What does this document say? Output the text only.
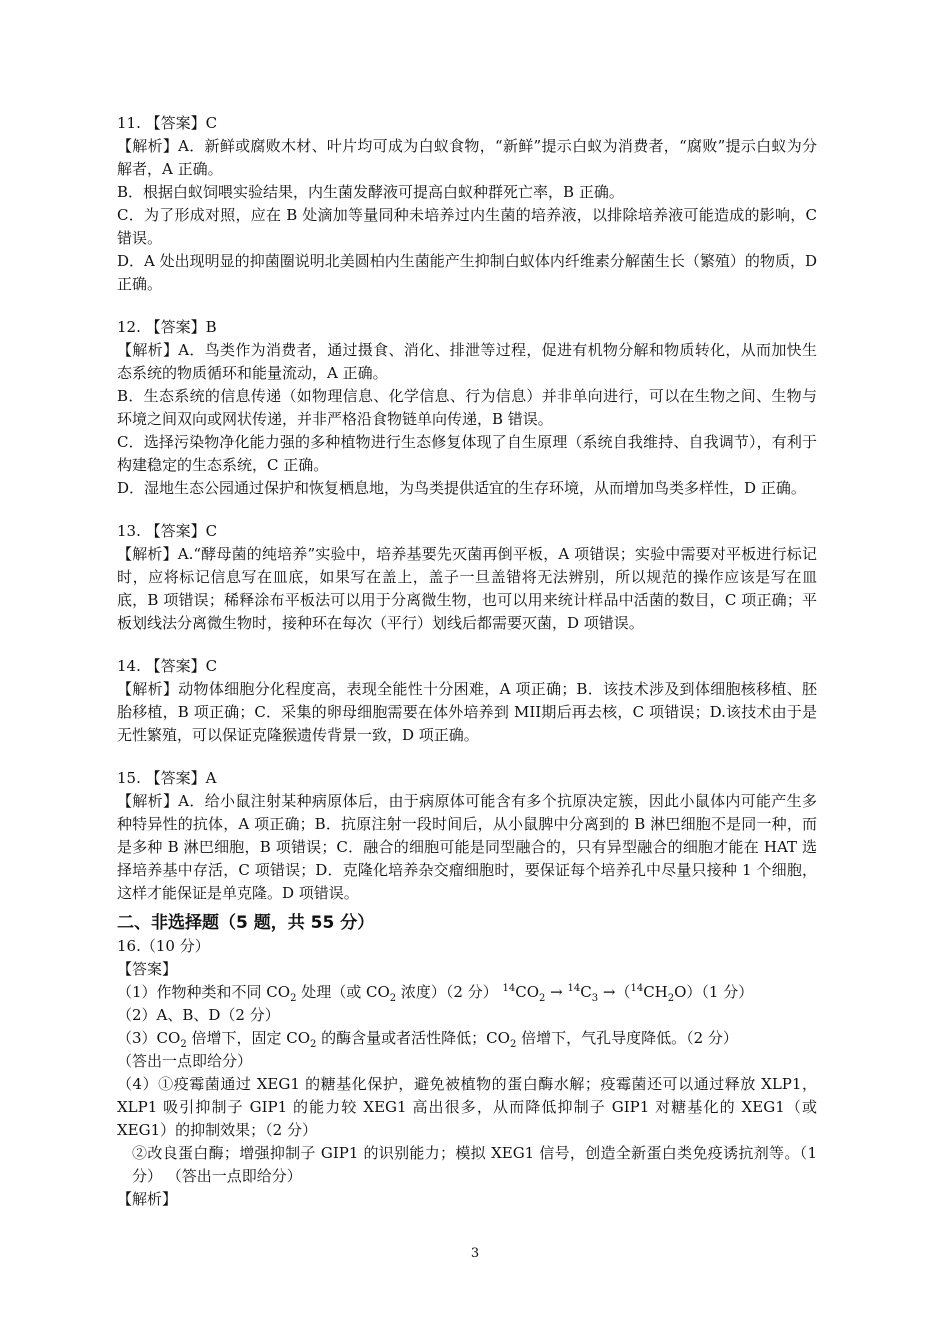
11. 【答案】C

【解析】A．新鲜或腐败木材、叶片均可成为白蚁食物，“新鲜”提示白蚁为消费者，“腐败”提示白蚁为分解者，A 正确。

B．根据白蚁饲喂实验结果，内生菌发酵液可提高白蚁种群死亡率，B 正确。

C．为了形成对照，应在 B 处滴加等量同种未培养过内生菌的培养液，以排除培养液可能造成的影响，C 错误。

D．A 处出现明显的抑菌圈说明北美圆柏内生菌能产生抑制白蚁体内纤维素分解菌生长（繁殖）的物质，D 正确。

12. 【答案】B

【解析】A．鸟类作为消费者，通过摄食、消化、排泄等过程，促进有机物分解和物质转化，从而加快生态系统的物质循环和能量流动，A 正确。

B．生态系统的信息传递（如物理信息、化学信息、行为信息）并非单向进行，可以在生物之间、生物与环境之间双向或网状传递，并非严格沿食物链单向传递，B 错误。

C．选择污染物净化能力强的多种植物进行生态修复体现了自生原理（系统自我维持、自我调节），有利于构建稳定的生态系统，C 正确。

D．湿地生态公园通过保护和恢复栖息地，为鸟类提供适宜的生存环境，从而增加鸟类多样性，D 正确。

13. 【答案】C

【解析】A.“酵母菌的纯培养”实验中，培养基要先灭菌再倒平板，A 项错误；实验中需要对平板进行标记时，应将标记信息写在皿底，如果写在盖上，盖子一旦盖错将无法辨别，所以规范的操作应该是写在皿底，B 项错误；稀释涂布平板法可以用于分离微生物，也可以用来统计样品中活菌的数目，C 项正确；平板划线法分离微生物时，接种环在每次（平行）划线后都需要灭菌，D 项错误。

14. 【答案】C

【解析】动物体细胞分化程度高，表现全能性十分困难，A 项正确；B．该技术涉及到体细胞核移植、胚胎移植，B 项正确；C．采集的卵母细胞需要在体外培养到 MII期后再去核，C 项错误；D.该技术由于是无性繁殖，可以保证克隆猴遗传背景一致，D 项正确。

15. 【答案】A

【解析】A．给小鼠注射某种病原体后，由于病原体可能含有多个抗原决定簇，因此小鼠体内可能产生多种特异性的抗体，A 项正确；B．抗原注射一段时间后，从小鼠脾中分离到的 B 淋巴细胞不是同一种，而是多种 B 淋巴细胞，B 项错误；C．融合的细胞可能是同型融合的，只有异型融合的细胞才能在 HAT 选择培养基中存活，C 项错误；D．克隆化培养杂交瘤细胞时，要保证每个培养孔中尽量只接种 1 个细胞，这样才能保证是单克隆。D 项错误。

二、非选择题（5 题，共 55 分）

16.（10 分）

【答案】

（1）作物种类和不同 $CO_2$ 处理（或 $CO_2$ 浓度）（2 分） $^{14}CO_2 \to ^{14}C_3 \to(^{14}CH_2O)(1$ 分）

（2）A、B、D（2 分）

$(3)CO_2$ 倍增下，固定 $CO_2$ 的酶含量或者活性降低；$CO_2$ 倍增下，气孔导度降低。（2 分）

（答出一点即给分）

（4）①疫霉菌通过 XEG1 的糖基化保护，避免被植物的蛋白酶水解；疫霉菌还可以通过释放 XLP1，XLP1 吸引抑制子 GIP1 的能力较 XEG1 高出很多，从而降低抑制子 GIP1 对糖基化的 XEG1（或 XEG1）的抑制效果；（2 分）

②改良蛋白酶；增强抑制子 GIP1 的识别能力；模拟 XEG1 信号，创造全新蛋白类免疫诱抗剂等。（1 分） （答出一点即给分）

【解析】

3
